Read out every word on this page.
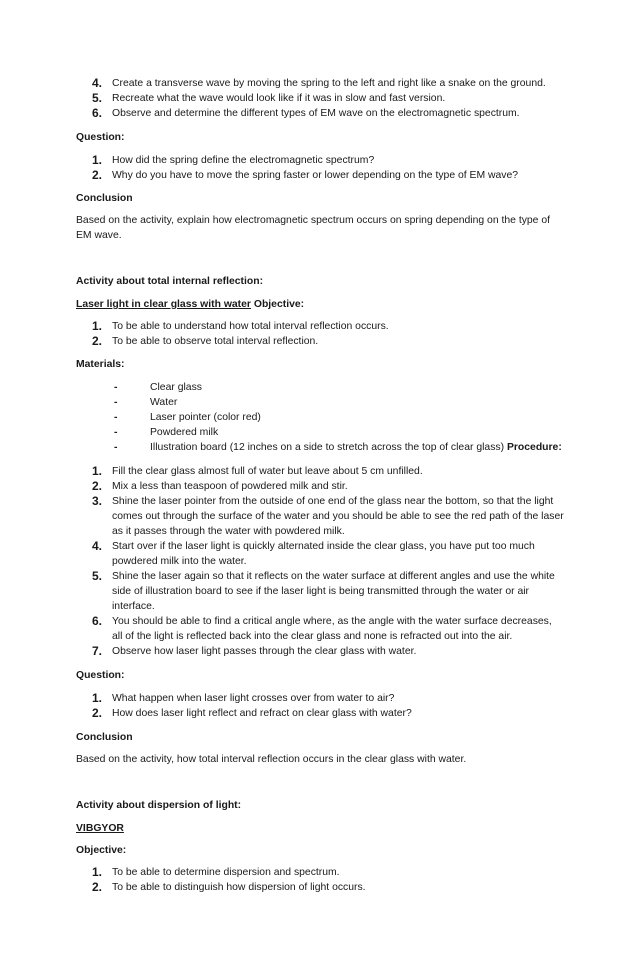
4. Create a transverse wave by moving the spring to the left and right like a snake on the ground.
5. Recreate what the wave would look like if it was in slow and fast version.
6. Observe and determine the different types of EM wave on the electromagnetic spectrum.

Question:

1. How did the spring define the electromagnetic spectrum?
2. Why do you have to move the spring faster or lower depending on the type of EM wave?

Conclusion

Based on the activity, explain how electromagnetic spectrum occurs on spring depending on the type of EM wave.

Activity about total internal reflection:

Laser light in clear glass with water Objective:

1. To be able to understand how total interval reflection occurs.
2. To be able to observe total interval reflection.

Materials:

-	Clear glass
-	Water
-	Laser pointer (color red)
-	Powdered milk
-	Illustration board (12 inches on a side to stretch across the top of clear glass) Procedure:
1. Fill the clear glass almost full of water but leave about 5 cm unfilled.
2. Mix a less than teaspoon of powdered milk and stir.
3. Shine the laser pointer from the outside of one end of the glass near the bottom, so that the light comes out through the surface of the water and you should be able to see the red path of the laser as it passes through the water with powdered milk.
4. Start over if the laser light is quickly alternated inside the clear glass, you have put too much powdered milk into the water.
5. Shine the laser again so that it reflects on the water surface at different angles and use the white side of illustration board to see if the laser light is being transmitted through the water or air interface.
6. You should be able to find a critical angle where, as the angle with the water surface decreases, all of the light is reflected back into the clear glass and none is refracted out into the air.
7. Observe how laser light passes through the clear glass with water.

Question:

1. What happen when laser light crosses over from water to air?
2. How does laser light reflect and refract on clear glass with water?

Conclusion

Based on the activity, how total interval reflection occurs in the clear glass with water.

Activity about dispersion of light:

VIBGYOR

Objective:

1. To be able to determine dispersion and spectrum.
2. To be able to distinguish how dispersion of light occurs.
